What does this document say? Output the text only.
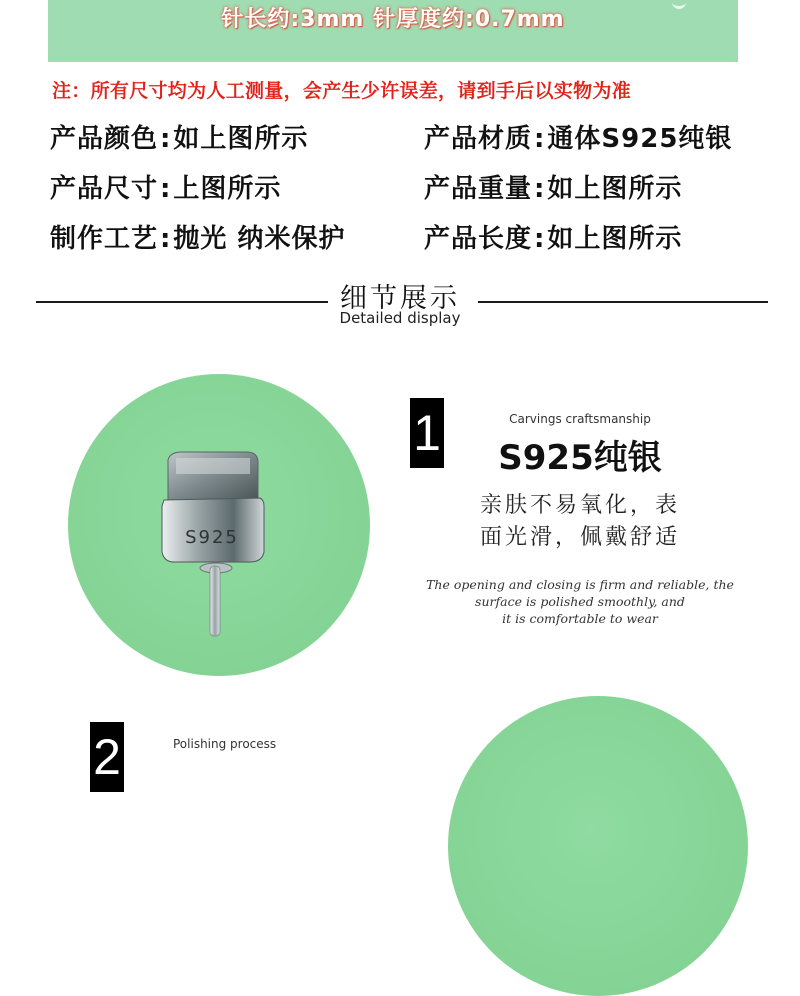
针长约:3mm 针厚度约:0.7mm
注：所有尺寸均为人工测量，会产生少许误差，请到手后以实物为准
产品颜色:如上图所示	产品材质:通体S925纯银
产品尺寸:上图所示	产品重量:如上图所示
制作工艺:抛光 纳米保护	产品长度:如上图所示
细节展示
Detailed display
S925
1	Carvings craftsmanship
S925纯银
亲肤不易氧化，表
面光滑，佩戴舒适
The opening and closing is firm and reliable, the
surface is polished smoothly, and
it is comfortable to wear
2	Polishing process
